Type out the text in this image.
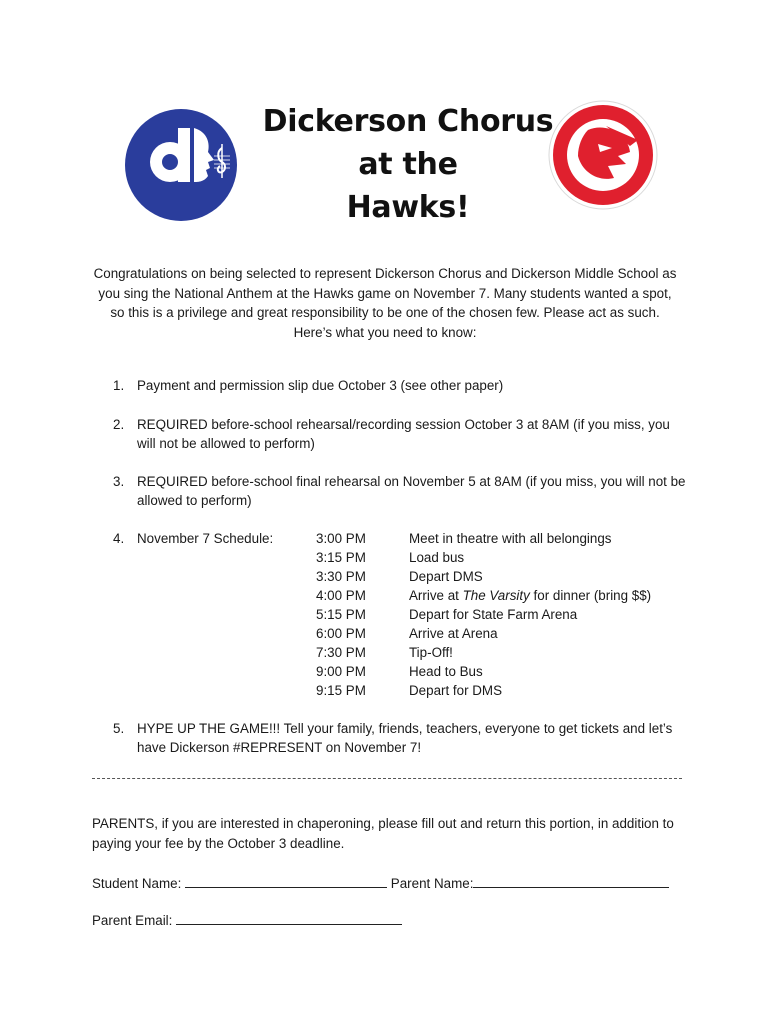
Dickerson Chorus
at the
Hawks!
Congratulations on being selected to represent Dickerson Chorus and Dickerson Middle School as you sing the National Anthem at the Hawks game on November 7. Many students wanted a spot, so this is a privilege and great responsibility to be one of the chosen few. Please act as such. Here’s what you need to know:
1. Payment and permission slip due October 3 (see other paper)
2. REQUIRED before-school rehearsal/recording session October 3 at 8AM (if you miss, you will not be allowed to perform)
3. REQUIRED before-school final rehearsal on November 5 at 8AM (if you miss, you will not be allowed to perform)
4. November 7 Schedule:	3:00 PM	Meet in theatre with all belongings
3:15 PM	Load bus
3:30 PM	Depart DMS
4:00 PM	Arrive at The Varsity for dinner (bring $$)
5:15 PM	Depart for State Farm Arena
6:00 PM	Arrive at Arena
7:30 PM	Tip-Off!
9:00 PM	Head to Bus
9:15 PM	Depart for DMS
5. HYPE UP THE GAME!!! Tell your family, friends, teachers, everyone to get tickets and let’s have Dickerson #REPRESENT on November 7!
PARENTS, if you are interested in chaperoning, please fill out and return this portion, in addition to paying your fee by the October 3 deadline.
Student Name:	Parent Name:
Parent Email:
